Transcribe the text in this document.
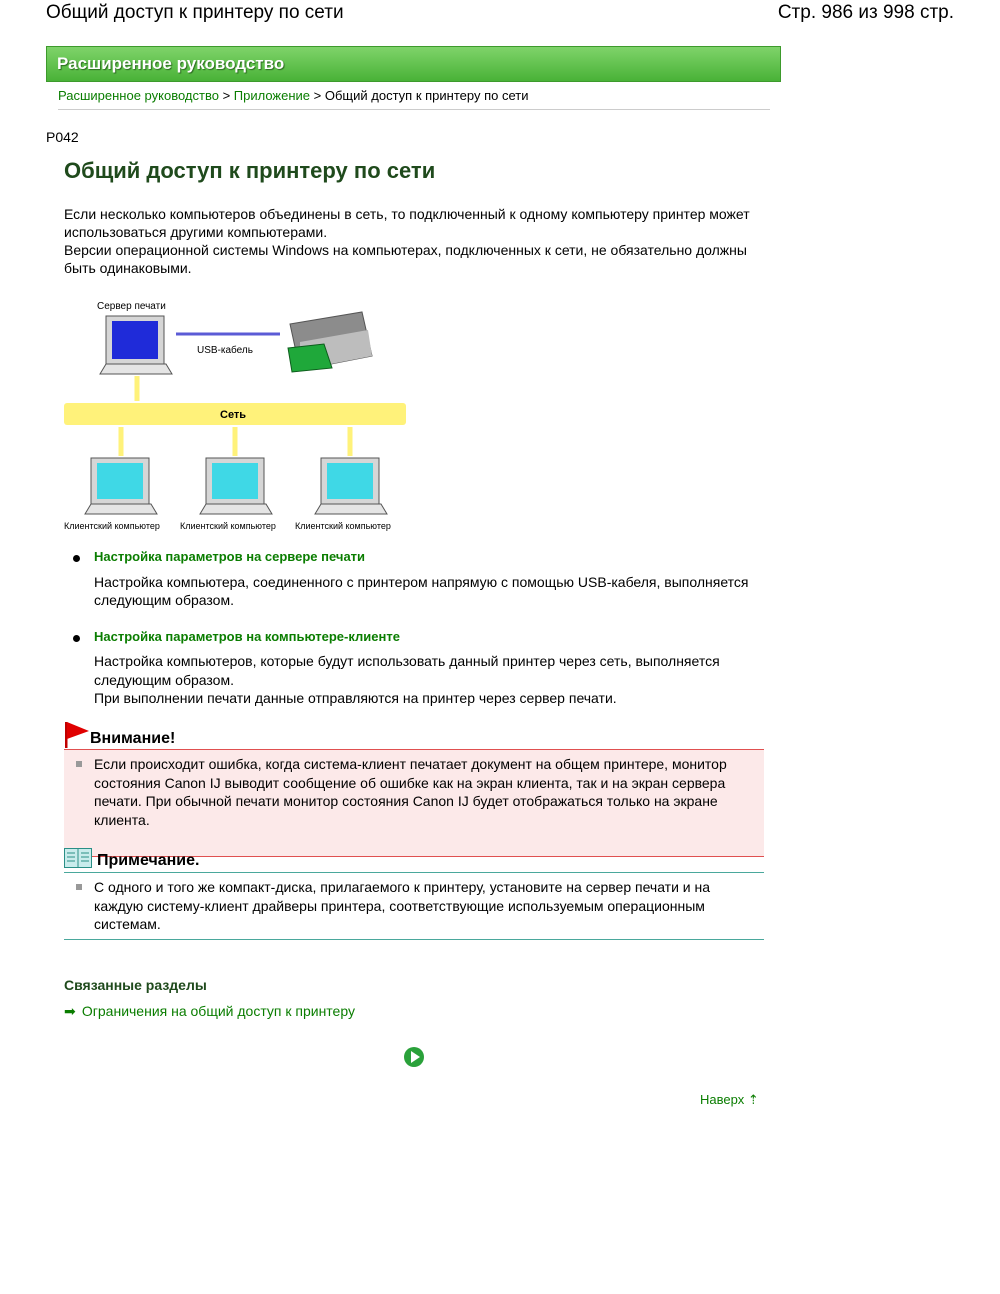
Общий доступ к принтеру по сети	Стр. 986 из 998 стр.
Расширенное руководство
Расширенное руководство > Приложение > Общий доступ к принтеру по сети
P042
Общий доступ к принтеру по сети

Если несколько компьютеров объединены в сеть, то подключенный к одному компьютеру принтер может использоваться другими компьютерами.

Версии операционной системы Windows на компьютерах, подключенных к сети, не обязательно должны быть одинаковыми.

Сервер печати
USB-кабель
Сеть
Клиентский компьютер Клиентский компьютер Клиентский компьютер
Настройка параметров на сервере печати

Настройка компьютера, соединенного с принтером напрямую с помощью USB-кабеля, выполняется следующим образом.

Настройка параметров на компьютере-клиенте

Настройка компьютеров, которые будут использовать данный принтер через сеть, выполняется следующим образом.

При выполнении печати данные отправляются на принтер через сервер печати.

Внимание!
Если происходит ошибка, когда система-клиент печатает документ на общем принтере, монитор состояния Canon IJ выводит сообщение об ошибке как на экран клиента, так и на экран сервера печати. При обычной печати монитор состояния Canon IJ будет отображаться только на экране клиента.
Примечание.
С одного и того же компакт-диска, прилагаемого к принтеру, установите на сервер печати и на каждую систему-клиент драйверы принтера, соответствующие используемым операционным системам.
Связанные разделы
➡ Ограничения на общий доступ к принтеру
Наверх ⇡
